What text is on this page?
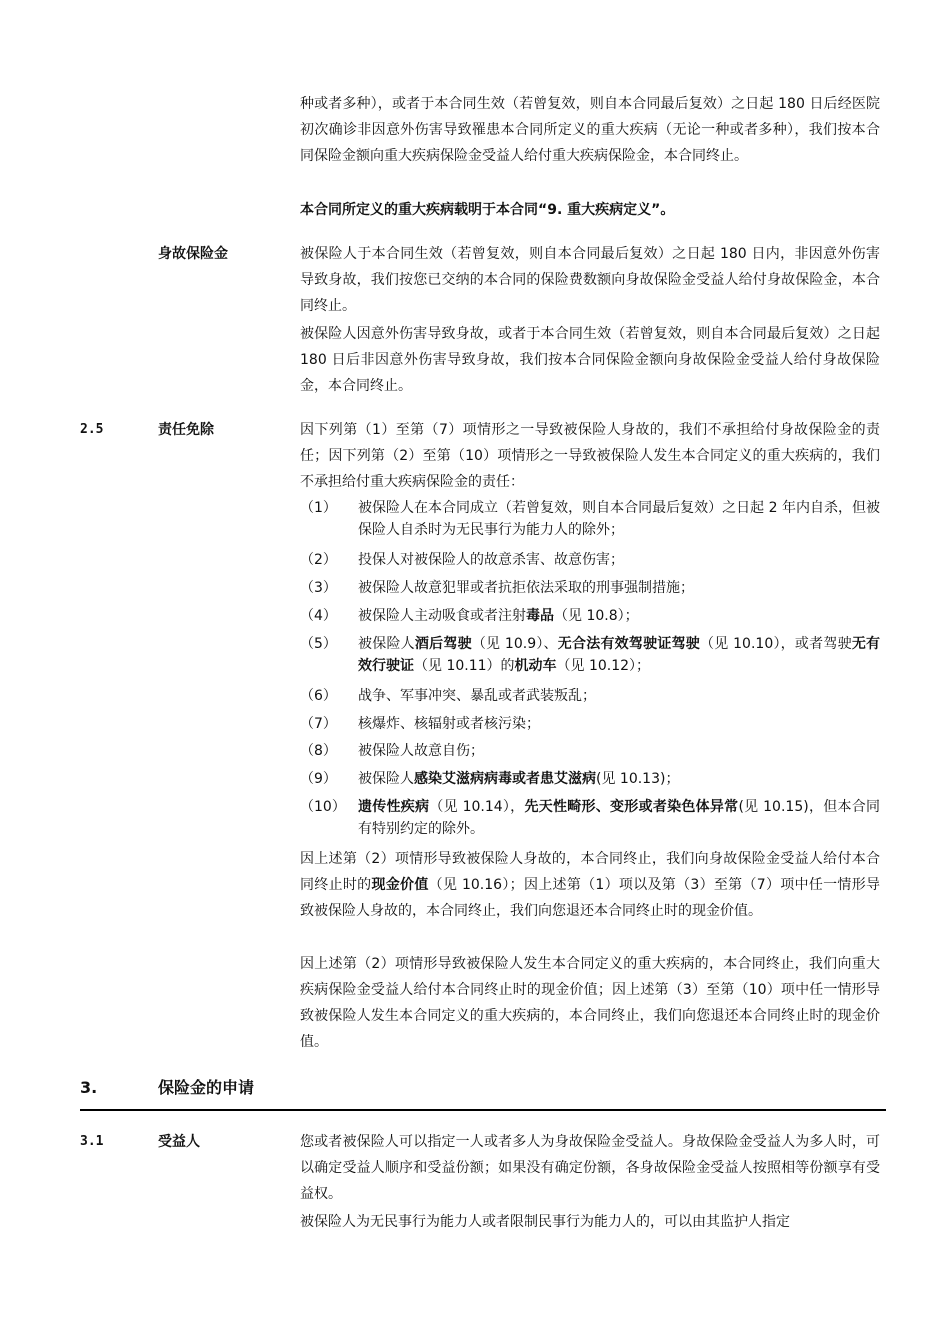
种或者多种），或者于本合同生效（若曾复效，则自本合同最后复效）之日起 180 日后经医院初次确诊非因意外伤害导致罹患本合同所定义的重大疾病（无论一种或者多种），我们按本合同保险金额向重大疾病保险金受益人给付重大疾病保险金，本合同终止。

本合同所定义的重大疾病载明于本合同“9. 重大疾病定义”。

身故保险金	被保险人于本合同生效（若曾复效，则自本合同最后复效）之日起 180 日内，非因意外伤害导致身故，我们按您已交纳的本合同的保险费数额向身故保险金受益人给付身故保险金，本合同终止。

被保险人因意外伤害导致身故，或者于本合同生效（若曾复效，则自本合同最后复效）之日起 180 日后非因意外伤害导致身故，我们按本合同保险金额向身故保险金受益人给付身故保险金，本合同终止。

2.5	责任免除	因下列第（1）至第（7）项情形之一导致被保险人身故的，我们不承担给付身故保险金的责任；因下列第（2）至第（10）项情形之一导致被保险人发生本合同定义的重大疾病的，我们不承担给付重大疾病保险金的责任：

（1）	被保险人在本合同成立（若曾复效，则自本合同最后复效）之日起 2 年内自杀，但被保险人自杀时为无民事行为能力人的除外；
（2）	投保人对被保险人的故意杀害、故意伤害；
（3）	被保险人故意犯罪或者抗拒依法采取的刑事强制措施；
（4）	被保险人主动吸食或者注射毒品（见 10.8）；
（5）	被保险人酒后驾驶（见 10.9）、无合法有效驾驶证驾驶（见 10.10），或者驾驶无有效行驶证（见 10.11）的机动车（见 10.12）；
（6）	战争、军事冲突、暴乱或者武装叛乱；
（7）	核爆炸、核辐射或者核污染；
（8）	被保险人故意自伤；
（9）	被保险人感染艾滋病病毒或者患艾滋病(见 10.13)；
（10） 遗传性疾病（见 10.14），先天性畸形、变形或者染色体异常(见 10.15)，但本合同有特别约定的除外。

因上述第（2）项情形导致被保险人身故的，本合同终止，我们向身故保险金受益人给付本合同终止时的现金价值（见 10.16）；因上述第（1）项以及第（3）至第（7）项中任一情形导致被保险人身故的，本合同终止，我们向您退还本合同终止时的现金价值。

因上述第（2）项情形导致被保险人发生本合同定义的重大疾病的，本合同终止，我们向重大疾病保险金受益人给付本合同终止时的现金价值；因上述第（3）至第（10）项中任一情形导致被保险人发生本合同定义的重大疾病的，本合同终止，我们向您退还本合同终止时的现金价值。

3.	保险金的申请
3.1	受益人	您或者被保险人可以指定一人或者多人为身故保险金受益人。身故保险金受益人为多人时，可以确定受益人顺序和受益份额；如果没有确定份额，各身故保险金受益人按照相等份额享有受益权。

被保险人为无民事行为能力人或者限制民事行为能力人的，可以由其监护人指定
